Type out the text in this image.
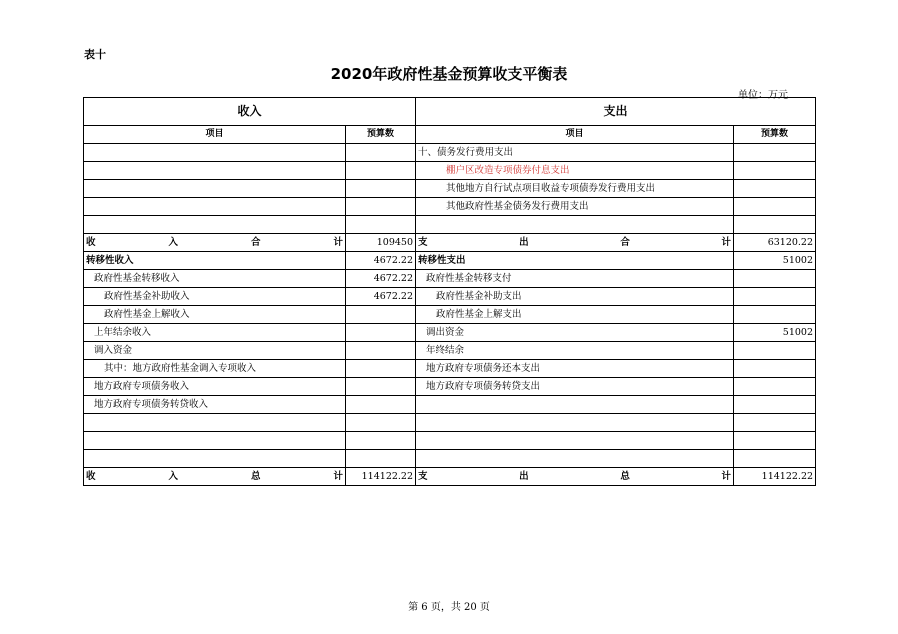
表十
2020年政府性基金预算收支平衡表
单位：万元
收入		支出	
项目	预算数	项目	预算数
		十、债务发行费用支出	
		棚户区改造专项债券付息支出	
		其他地方自行试点项目收益专项债券发行费用支出	
		其他政府性基金债务发行费用支出	

收 入 合 计	109450	支 出 合 计	63120.22
转移性收入	4672.22	转移性支出	51002
政府性基金转移收入	4672.22	政府性基金转移支付	
政府性基金补助收入	4672.22	政府性基金补助支出	
政府性基金上解收入		政府性基金上解支出	
上年结余收入		调出资金	51002
调入资金		年终结余	
其中：地方政府性基金调入专项收入		地方政府专项债务还本支出	
地方政府专项债务收入		地方政府专项债务转贷支出	
地方政府专项债务转贷收入			

收 入 总 计	114122.22	支 出 总 计	114122.22
第 6 页，共 20 页
